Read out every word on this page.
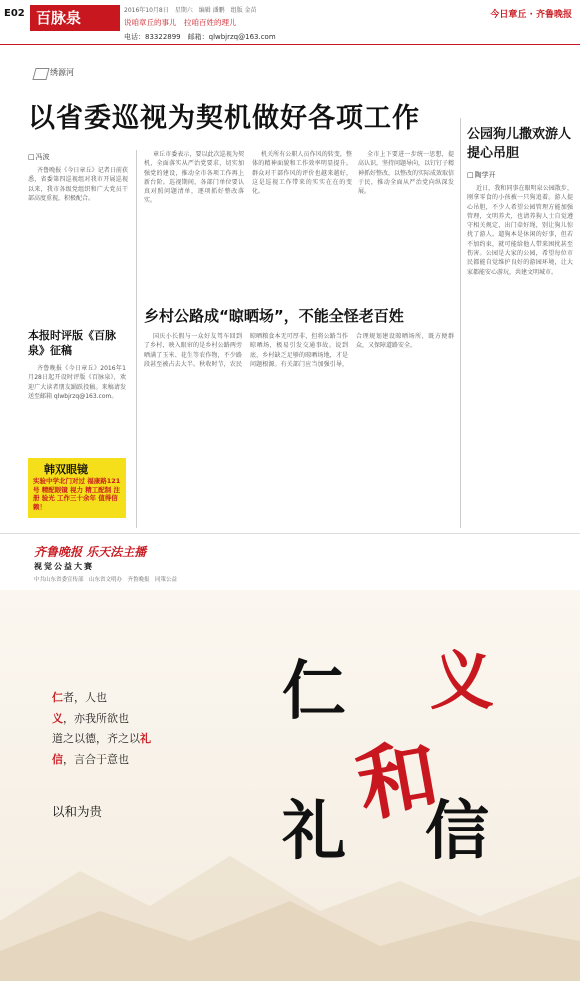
E02 百脉泉	2016年10月8日　星期六　编辑 潘鹏　组版 金苗
说咱章丘的事儿　拉咱百姓的理儿
电话：83322899　邮箱：qlwbjrzq@163.com
今日章丘 · 齐鲁晚报
绣源河
以省委巡视为契机做好各项工作
□ 冯波
齐鲁晚报《今日章丘》记者日前获悉，省委第四巡视组对我市开展巡视以来，我市各级党组织和广大党员干部高度重视，积极配合。
章丘市委表示，要以此次巡视为契机，全面落实从严治党要求，切实加强党的建设，推动全市各项工作再上新台阶。巡视期间，各部门单位要认真对照问题清单，逐项抓好整改落实。
机关所有公职人员作风的转变，整体的精神面貌和工作效率明显提升。群众对干部作风的评价也越来越好，这是巡视工作带来的实实在在的变化。
全市上下要进一步统一思想，提高认识，坚持问题导向，以钉钉子精神抓好整改，以整改的实际成效取信于民，推动全面从严治党向纵深发展。
公园狗儿撒欢游人提心吊胆
□ 陶学开
近日，我和同事在眼明泉公园散步，刚拿零食的小孩被一只狗追着。游人提心吊胆，不少人希望公园管理方能加强管理，文明养犬，也请养狗人士自觉遵守相关规定，出门牵好绳，别让狗儿惊扰了游人。遛狗本是休闲的好事，但若不加约束，就可能给他人带来困扰甚至伤害。公园是大家的公园，希望每位市民都能自觉维护良好的游园环境，让大家都能安心游玩，共建文明城市。
本报时评版《百脉泉》征稿
齐鲁晚报《今日章丘》2016年1月28日起开设时评版《百脉泉》，欢迎广大读者朋友踊跃投稿。来稿请发送至邮箱 qlwbjrzq@163.com。
乡村公路成“晾晒场”，不能全怪老百姓
国庆小长假与一众好友驾车回到了乡村，映入眼帘的是乡村公路两旁晒满了玉米、花生等农作物，不少路段甚至被占去大半。秋收时节，农民晾晒粮食本无可厚非，但将公路当作晾晒场，极易引发交通事故。说到底，乡村缺乏足够的晾晒场地，才是问题根源。有关部门应当加强引导，合理规划建设晾晒场所，既方便群众，又保障道路安全。
韩双眼镜
实验中学北门对过 福康路121号 精配眼镜 视力 精工配制 注册 验光 工作三十余年 值得信赖！
齐鲁晚报 乐天法主播
视觉公益大赛
中共山东省委宣传部　山东省文明办　齐鲁晚报　同策公益
仁者，人也
义，亦我所欲也
道之以德，齐之以礼
信，言合于意也
以和为贵
仁 义
和
礼 信
